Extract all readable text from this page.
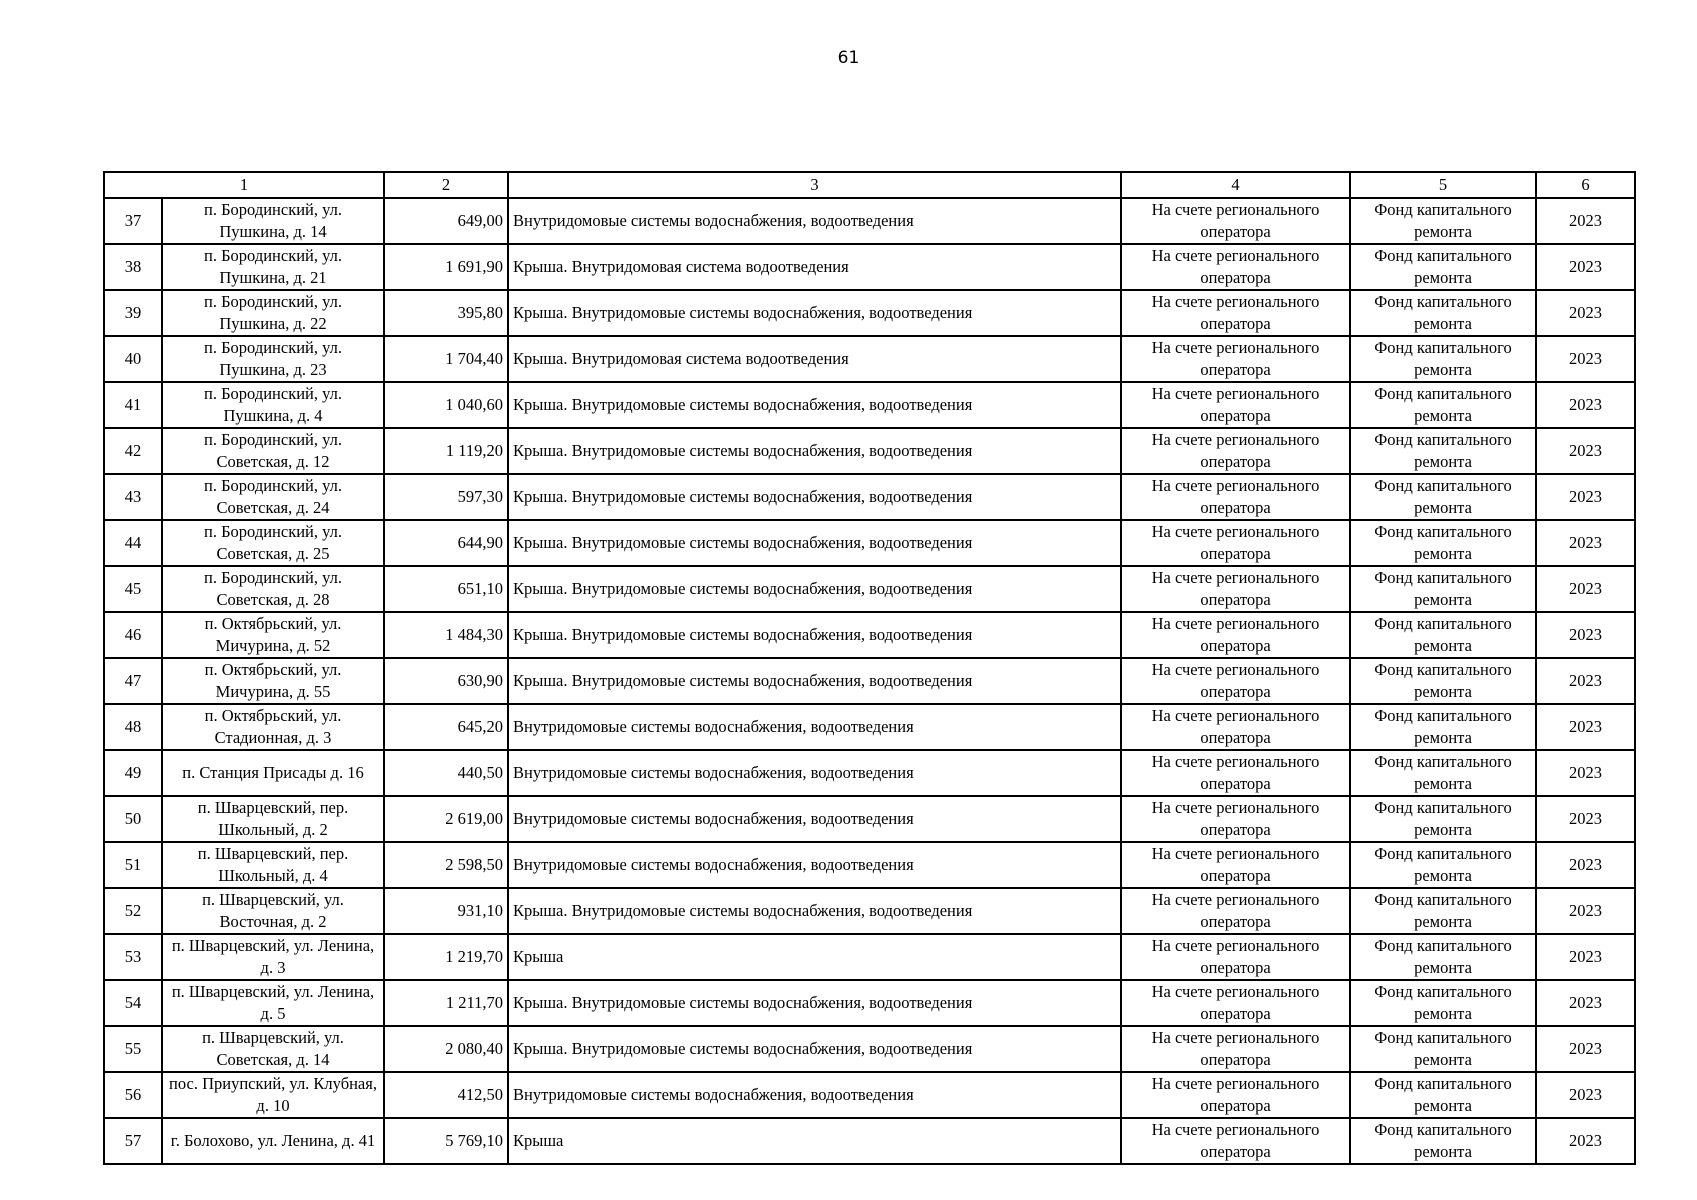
61
1		2	3	4	5	6
37	п. Бородинский, ул. Пушкина, д. 14	649,00	Внутридомовые системы водоснабжения, водоотведения	На счете регионального оператора	Фонд капитального ремонта	2023
38	п. Бородинский, ул. Пушкина, д. 21	1 691,90	Крыша. Внутридомовая система водоотведения	На счете регионального оператора	Фонд капитального ремонта	2023
39	п. Бородинский, ул. Пушкина, д. 22	395,80	Крыша. Внутридомовые системы водоснабжения, водоотведения	На счете регионального оператора	Фонд капитального ремонта	2023
40	п. Бородинский, ул. Пушкина, д. 23	1 704,40	Крыша. Внутридомовая система водоотведения	На счете регионального оператора	Фонд капитального ремонта	2023
41	п. Бородинский, ул. Пушкина, д. 4	1 040,60	Крыша. Внутридомовые системы водоснабжения, водоотведения	На счете регионального оператора	Фонд капитального ремонта	2023
42	п. Бородинский, ул. Советская, д. 12	1 119,20	Крыша. Внутридомовые системы водоснабжения, водоотведения	На счете регионального оператора	Фонд капитального ремонта	2023
43	п. Бородинский, ул. Советская, д. 24	597,30	Крыша. Внутридомовые системы водоснабжения, водоотведения	На счете регионального оператора	Фонд капитального ремонта	2023
44	п. Бородинский, ул. Советская, д. 25	644,90	Крыша. Внутридомовые системы водоснабжения, водоотведения	На счете регионального оператора	Фонд капитального ремонта	2023
45	п. Бородинский, ул. Советская, д. 28	651,10	Крыша. Внутридомовые системы водоснабжения, водоотведения	На счете регионального оператора	Фонд капитального ремонта	2023
46	п. Октябрьский, ул. Мичурина, д. 52	1 484,30	Крыша. Внутридомовые системы водоснабжения, водоотведения	На счете регионального оператора	Фонд капитального ремонта	2023
47	п. Октябрьский, ул. Мичурина, д. 55	630,90	Крыша. Внутридомовые системы водоснабжения, водоотведения	На счете регионального оператора	Фонд капитального ремонта	2023
48	п. Октябрьский, ул. Стадионная, д. 3	645,20	Внутридомовые системы водоснабжения, водоотведения	На счете регионального оператора	Фонд капитального ремонта	2023
49	п. Станция Присады д. 16	440,50	Внутридомовые системы водоснабжения, водоотведения	На счете регионального оператора	Фонд капитального ремонта	2023
50	п. Шварцевский, пер. Школьный, д. 2	2 619,00	Внутридомовые системы водоснабжения, водоотведения	На счете регионального оператора	Фонд капитального ремонта	2023
51	п. Шварцевский, пер. Школьный, д. 4	2 598,50	Внутридомовые системы водоснабжения, водоотведения	На счете регионального оператора	Фонд капитального ремонта	2023
52	п. Шварцевский, ул. Восточная, д. 2	931,10	Крыша. Внутридомовые системы водоснабжения, водоотведения	На счете регионального оператора	Фонд капитального ремонта	2023
53	п. Шварцевский, ул. Ленина, д. 3	1 219,70	Крыша	На счете регионального оператора	Фонд капитального ремонта	2023
54	п. Шварцевский, ул. Ленина, д. 5	1 211,70	Крыша. Внутридомовые системы водоснабжения, водоотведения	На счете регионального оператора	Фонд капитального ремонта	2023
55	п. Шварцевский, ул. Советская, д. 14	2 080,40	Крыша. Внутридомовые системы водоснабжения, водоотведения	На счете регионального оператора	Фонд капитального ремонта	2023
56	пос. Приупский, ул. Клубная, д. 10	412,50	Внутридомовые системы водоснабжения, водоотведения	На счете регионального оператора	Фонд капитального ремонта	2023
57	г. Болохово, ул. Ленина, д. 41	5 769,10	Крыша	На счете регионального оператора	Фонд капитального ремонта	2023
